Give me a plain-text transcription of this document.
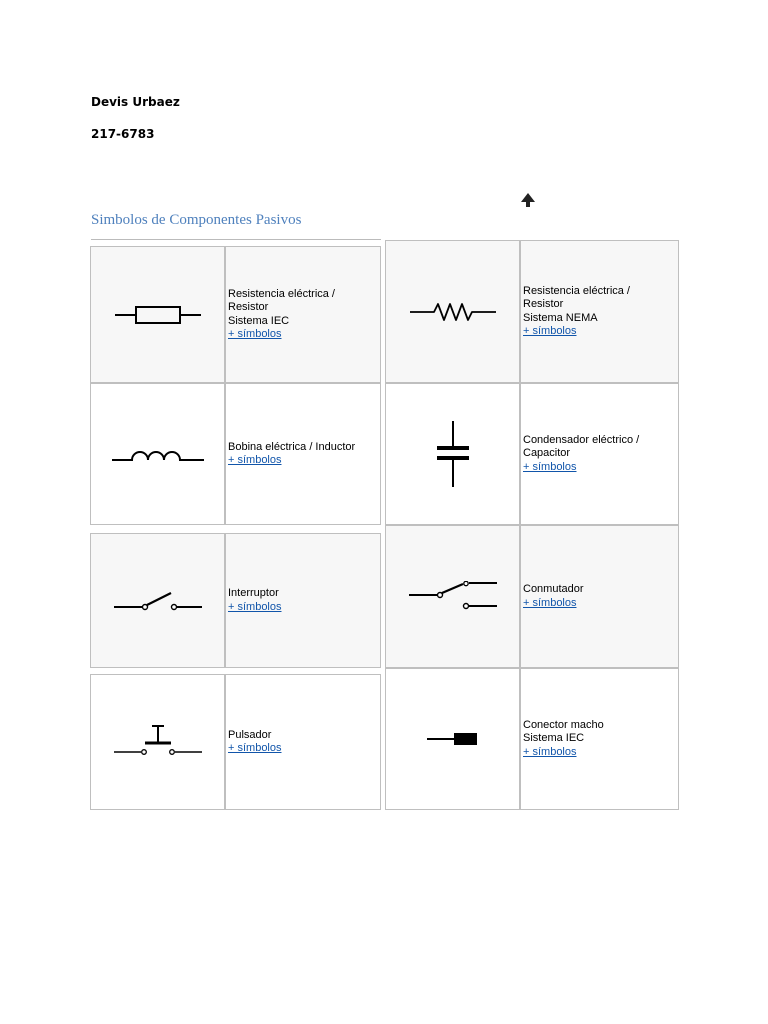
Devis Urbaez
217-6783
Simbolos de Componentes Pasivos
Resistencia eléctrica /
Resistor
Sistema IEC
+ símbolos
Resistencia eléctrica /
Resistor
Sistema NEMA
+ símbolos
Bobina eléctrica / Inductor
+ símbolos
Condensador eléctrico /
Capacitor
+ símbolos
Interruptor
+ símbolos
Conmutador
+ símbolos
Pulsador
+ símbolos
Conector macho
Sistema IEC
+ símbolos
